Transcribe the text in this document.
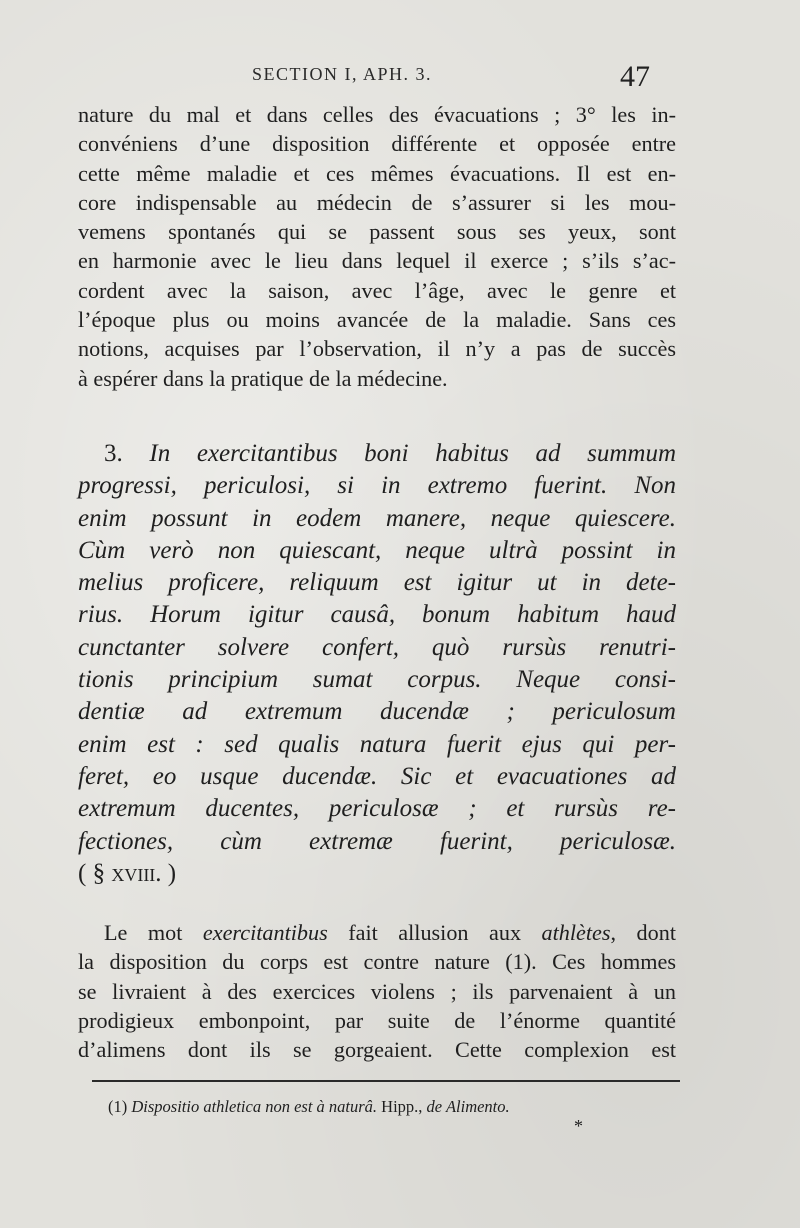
SECTION I, APH. 3.	47
nature du mal et dans celles des évacuations ; 3° les in-
convéniens d’une disposition différente et opposée entre
cette même maladie et ces mêmes évacuations. Il est en-
core indispensable au médecin de s’assurer si les mou-
vemens spontanés qui se passent sous ses yeux, sont
en harmonie avec le lieu dans lequel il exerce ; s’ils s’ac-
cordent avec la saison, avec l’âge, avec le genre et
l’époque plus ou moins avancée de la maladie. Sans ces
notions, acquises par l’observation, il n’y a pas de succès
à espérer dans la pratique de la médecine.
3. In exercitantibus boni habitus ad summum
progressi, periculosi, si in extremo fuerint. Non
enim possunt in eodem manere, neque quiescere.
Cùm verò non quiescant, neque ultrà possint in
melius proficere, reliquum est igitur ut in dete-
rius. Horum igitur causâ, bonum habitum haud
cunctanter solvere confert, quò rursùs renutri-
tionis principium sumat corpus. Neque consi-
dentiæ ad extremum ducendæ ; periculosum
enim est : sed qualis natura fuerit ejus qui per-
feret, eo usque ducendæ. Sic et evacuationes ad
extremum ducentes, periculosæ ; et rursùs re-
fectiones, cùm extremæ fuerint, periculosæ.
( § xviii. )
Le mot exercitantibus fait allusion aux athlètes, dont
la disposition du corps est contre nature (1). Ces hommes
se livraient à des exercices violens ; ils parvenaient à un
prodigieux embonpoint, par suite de l’énorme quantité
d’alimens dont ils se gorgeaient. Cette complexion est
(1) Dispositio athletica non est à naturâ. Hipp., de Alimento.
*
